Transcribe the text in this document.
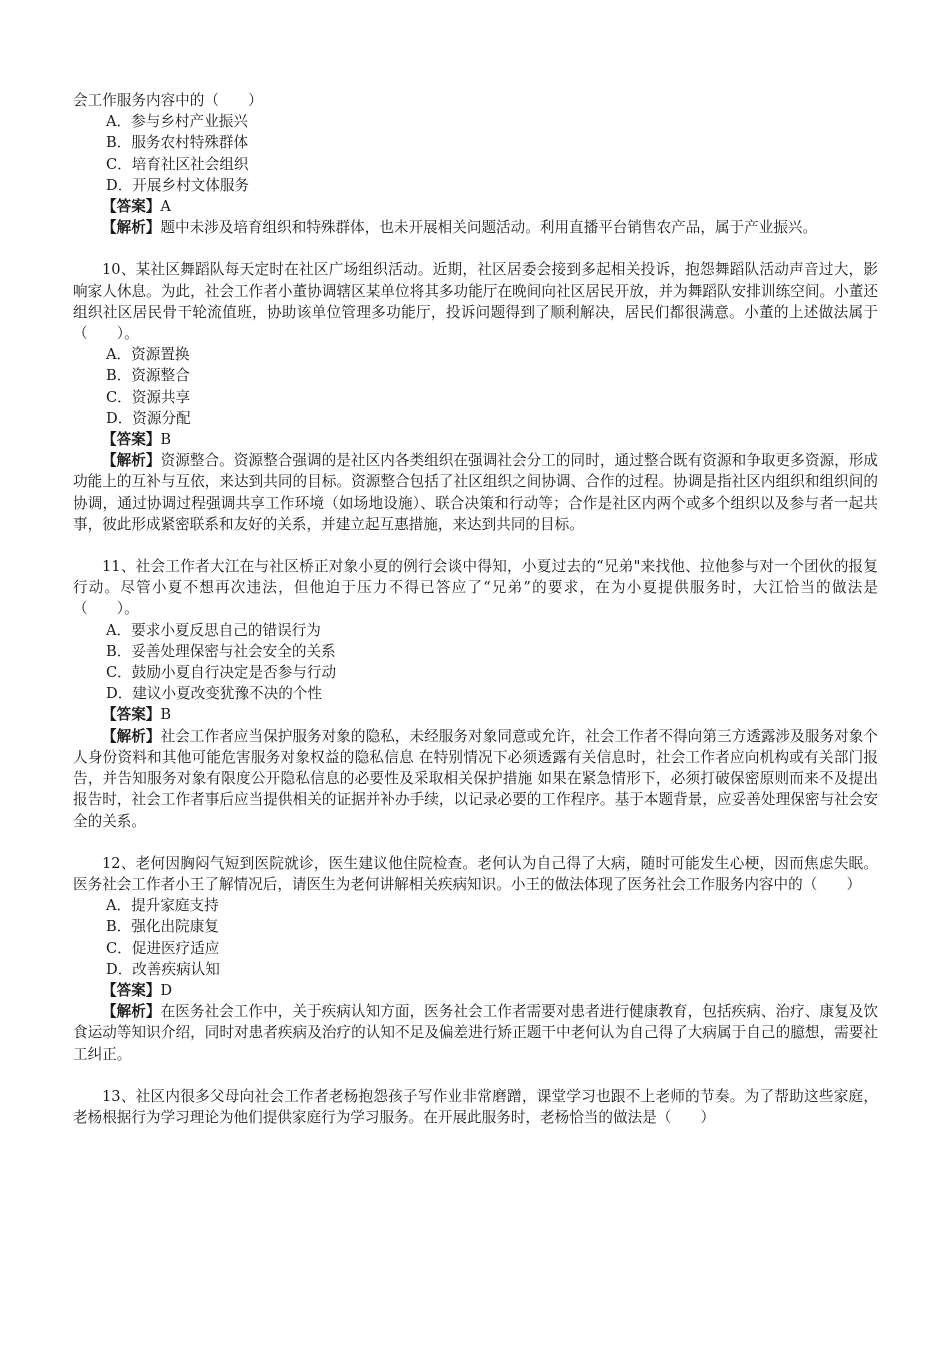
会工作服务内容中的（　　）

A．参与乡村产业振兴

B．服务农村特殊群体

C．培育社区社会组织

D．开展乡村文体服务

【答案】A

【解析】题中未涉及培育组织和特殊群体，也未开展相关问题活动。利用直播平台销售农产品，属于产业振兴。

10、某社区舞蹈队每天定时在社区广场组织活动。近期，社区居委会接到多起相关投诉，抱怨舞蹈队活动声音过大，影响家人休息。为此，社会工作者小董协调辖区某单位将其多功能厅在晚间向社区居民开放，并为舞蹈队安排训练空间。小董还组织社区居民骨干轮流值班，协助该单位管理多功能厅，投诉问题得到了顺利解决，居民们都很满意。小董的上述做法属于（　　）。

A．资源置换

B．资源整合

C．资源共享

D．资源分配

【答案】B

【解析】资源整合。资源整合强调的是社区内各类组织在强调社会分工的同时，通过整合既有资源和争取更多资源，形成功能上的互补与互依，来达到共同的目标。资源整合包括了社区组织之间协调、合作的过程。协调是指社区内组织和组织间的协调，通过协调过程强调共享工作环境（如场地设施）、联合决策和行动等；合作是社区内两个或多个组织以及参与者一起共事，彼此形成紧密联系和友好的关系，并建立起互惠措施，来达到共同的目标。

11、社会工作者大江在与社区桥正对象小夏的例行会谈中得知，小夏过去的“兄弟"来找他、拉他参与对一个团伙的报复行动。尽管小夏不想再次违法，但他迫于压力不得已答应了“兄弟”的要求，在为小夏提供服务时，大江恰当的做法是（　　）。

A．要求小夏反思自己的错误行为

B．妥善处理保密与社会安全的关系

C．鼓励小夏自行决定是否参与行动

D．建议小夏改变犹豫不决的个性

【答案】B

【解析】社会工作者应当保护服务对象的隐私，未经服务对象同意或允许，社会工作者不得向第三方透露涉及服务对象个人身份资料和其他可能危害服务对象权益的隐私信息 在特别情况下必须透露有关信息时，社会工作者应向机构或有关部门报告，并告知服务对象有限度公开隐私信息的必要性及采取相关保护措施 如果在紧急情形下，必须打破保密原则而来不及提出报告时，社会工作者事后应当提供相关的证据并补办手续，以记录必要的工作程序。基于本题背景，应妥善处理保密与社会安全的关系。

12、老何因胸闷气短到医院就诊，医生建议他住院检查。老何认为自己得了大病，随时可能发生心梗，因而焦虑失眠。医务社会工作者小王了解情况后，请医生为老何讲解相关疾病知识。小王的做法体现了医务社会工作服务内容中的（　　）

A．提升家庭支持

B．强化出院康复

C．促进医疗适应

D．改善疾病认知

【答案】D

【解析】在医务社会工作中，关于疾病认知方面，医务社会工作者需要对患者进行健康教育，包括疾病、治疗、康复及饮食运动等知识介绍，同时对患者疾病及治疗的认知不足及偏差进行矫正题干中老何认为自己得了大病属于自己的臆想，需要社工纠正。

13、社区内很多父母向社会工作者老杨抱怨孩子写作业非常磨蹭，课堂学习也跟不上老师的节奏。为了帮助这些家庭，老杨根据行为学习理论为他们提供家庭行为学习服务。在开展此服务时，老杨恰当的做法是（　　）
